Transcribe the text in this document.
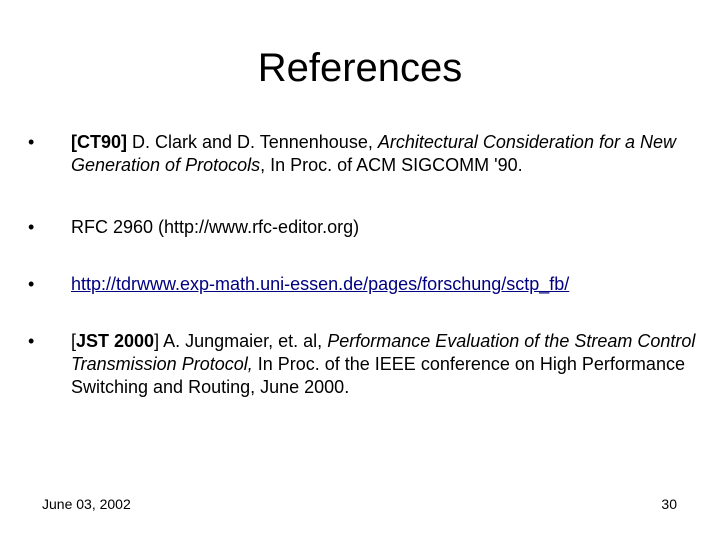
References
•	[CT90] D. Clark and D. Tennenhouse, Architectural Consideration for a New Generation of Protocols, In Proc. of ACM SIGCOMM '90.
•	RFC 2960 (http://www.rfc-editor.org)
•	http://tdrwww.exp-math.uni-essen.de/pages/forschung/sctp_fb/
•	[JST 2000] A. Jungmaier, et. al, Performance Evaluation of the Stream Control Transmission Protocol, In Proc. of the IEEE conference on High Performance Switching and Routing, June 2000.
June 03, 2002	30
